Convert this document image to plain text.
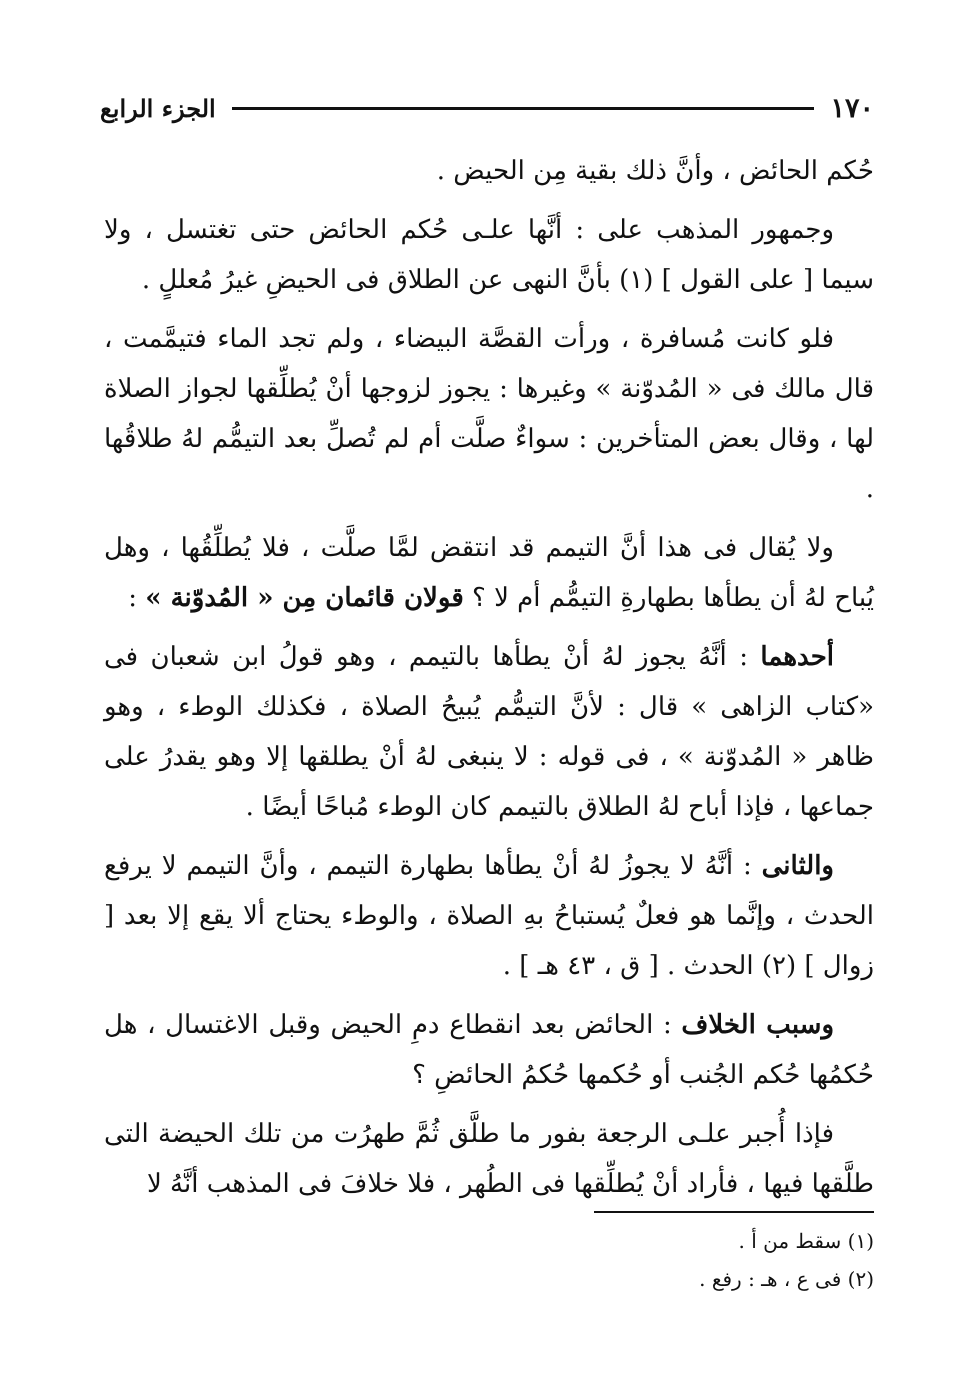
١٧٠
الجزء الرابع

حُكم الحائض ، وأنَّ ذلك بقية مِن الحيض .

وجمهور المذهب على : أنَّها علـى حُكم الحائض حتى تغتسل ، ولا سيما [ على القول ] (١) بأنَّ النهى عن الطلاق فى الحيضِ غيرُ مُعللٍ .

فلو كانت مُسافرة ، ورأت القصَّة البيضاء ، ولم تجد الماء فتيمَّمت ، قال مالك فى « المُدوّنة » وغيرها : يجوز لزوجها أنْ يُطلِّقها لجواز الصلاة لها ، وقال بعض المتأخرين : سواءٌ صلَّت أم لم تُصلِّ بعد التيمُّم لهُ طلاقُها .

ولا يُقال فى هذا أنَّ التيمم قد انتقض لمَّا صلَّت ، فلا يُطلِّقُها ، وهل يُباح لهُ أن يطأها بطهارةِ التيمُّم أم لا ؟ قولان قائمان مِن « المُدوّنة » :

أحدهما : أنَّهُ يجوز لهُ أنْ يطأها بالتيمم ، وهو قولُ ابن شعبان فى «كتاب الزاهى » قال : لأنَّ التيمُّم يُبيحُ الصلاة ، فكذلك الوطء ، وهو ظاهر « المُدوّنة » ، فى قوله : لا ينبغى لهُ أنْ يطلقها إلا وهو يقدرُ على جماعها ، فإذا أباح لهُ الطلاق بالتيمم كان الوطء مُباحًا أيضًا .

والثانى : أنَّهُ لا يجوزُ لهُ أنْ يطأها بطهارة التيمم ، وأنَّ التيمم لا يرفع الحدث ، وإنَّما هو فعلٌ يُستباحُ بهِ الصلاة ، والوطء يحتاج ألا يقع إلا بعد [ زوال ] (٢) الحدث . [ ق ، ٤٣ هـ ] .

وسبب الخلاف : الحائض بعد انقطاع دمِ الحيض وقبل الاغتسال ، هل حُكمُها حُكم الجُنب أو حُكمها حُكمُ الحائضِ ؟

فإذا أُجبر علـى الرجعة بفور ما طلَّق ثُمَّ طهرُت من تلك الحيضة التى طلَّقها فيها ، فأراد أنْ يُطلِّقها فى الطُهر ، فلا خلافَ فى المذهب أنَّهُ لا

(١) سقط من أ .

(٢) فى ع ، هـ : رفع .
